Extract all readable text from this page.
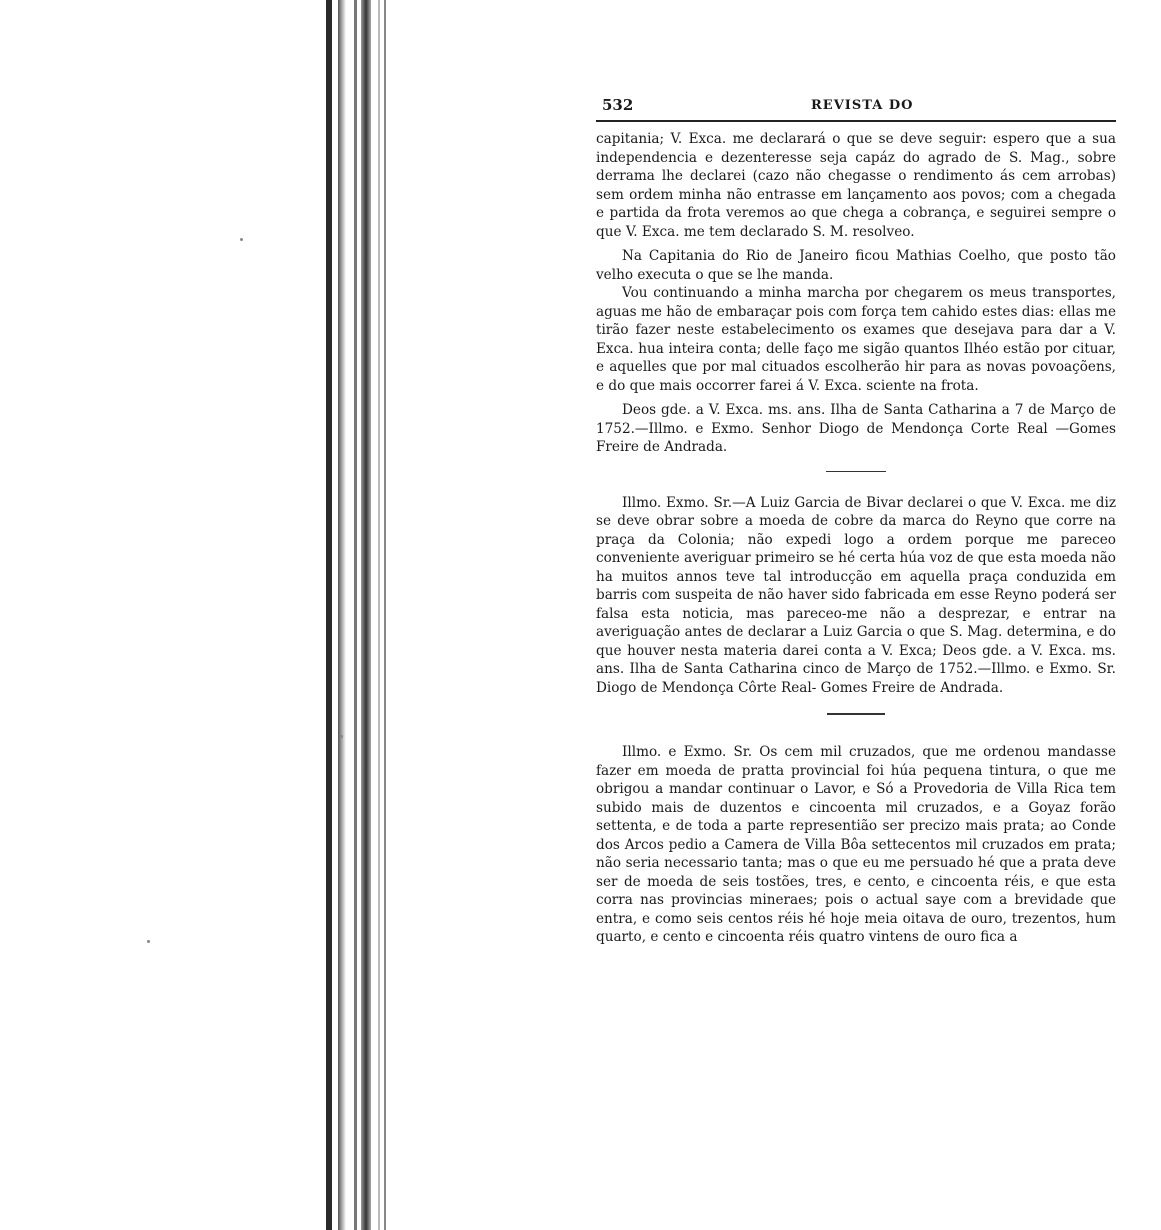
532	REVISTA DO

capitania; V. Exca. me declarará o que se deve seguir: espero que a sua independencia e dezenteresse seja capáz do agrado de S. Mag., sobre derrama lhe declarei (cazo não chegasse o rendimento ás cem arrobas) sem ordem minha não entrasse em lançamento aos povos; com a chegada e partida da frota veremos ao que chega a cobrança, e seguirei sempre o que V. Exca. me tem declarado S. M. resolveo.

Na Capitania do Rio de Janeiro ficou Mathias Coelho, que posto tão velho executa o que se lhe manda.

Vou continuando a minha marcha por chegarem os meus transportes, aguas me hão de embaraçar pois com força tem cahido estes dias: ellas me tirão fazer neste estabelecimento os exames que desejava para dar a V. Exca. hua inteira conta; delle faço me sigão quantos Ilhéo estão por cituar, e aquelles que por mal cituados escolherão hir para as novas povoaçõens, e do que mais occorrer farei á V. Exca. sciente na frota.

Deos gde. a V. Exca. ms. ans. Ilha de Santa Catharina a 7 de Março de 1752.—Illmo. e Exmo. Senhor Diogo de Mendonça Corte Real —Gomes Freire de Andrada.

Illmo. Exmo. Sr.—A Luiz Garcia de Bivar declarei o que V. Exca. me diz se deve obrar sobre a moeda de cobre da marca do Reyno que corre na praça da Colonia; não expedi logo a ordem porque me pareceo conveniente averiguar primeiro se hé certa húa voz de que esta moeda não ha muitos annos teve tal introducção em aquella praça conduzida em barris com suspeita de não haver sido fabricada em esse Reyno poderá ser falsa esta noticia, mas pareceo-me não a desprezar, e entrar na averiguação antes de declarar a Luiz Garcia o que S. Mag. determina, e do que houver nesta materia darei conta a V. Exca; Deos gde. a V. Exca. ms. ans. Ilha de Santa Catharina cinco de Março de 1752.—Illmo. e Exmo. Sr. Diogo de Mendonça Côrte Real- Gomes Freire de Andrada.

Illmo. e Exmo. Sr. Os cem mil cruzados, que me ordenou mandasse fazer em moeda de pratta provincial foi húa pequena tintura, o que me obrigou a mandar continuar o Lavor, e Só a Provedoria de Villa Rica tem subido mais de duzentos e cincoenta mil cruzados, e a Goyaz forão settenta, e de toda a parte representião ser precizo mais prata; ao Conde dos Arcos pedio a Camera de Villa Bôa settecentos mil cruzados em prata; não seria necessario tanta; mas o que eu me persuado hé que a prata deve ser de moeda de seis tostões, tres, e cento, e cincoenta réis, e que esta corra nas provincias mineraes; pois o actual saye com a brevidade que entra, e como seis centos réis hé hoje meia oitava de ouro, trezentos, hum quarto, e cento e cincoenta réis quatro vintens de ouro fica a
